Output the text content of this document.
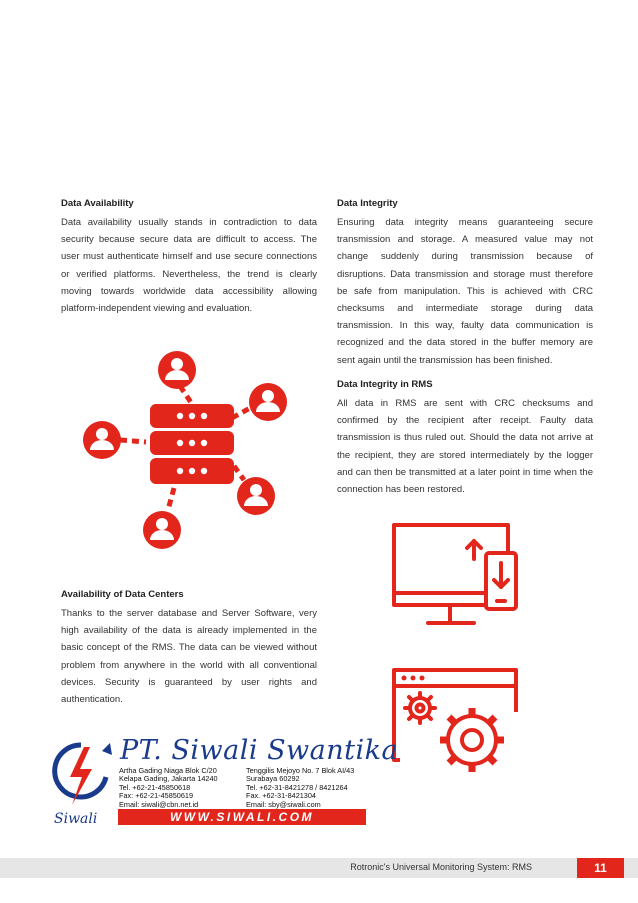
Data Availability

Data availability usually stands in contradiction to data security because secure data are difficult to access. The user must authenticate himself and use secure connections or verified platforms. Nevertheless, the trend is clearly moving towards worldwide data accessibility allowing platform-independent viewing and evaluation.

Data Integrity

Ensuring data integrity means guaranteeing secure transmission and storage. A measured value may not change suddenly during transmission because of disruptions. Data transmission and storage must therefore be safe from manipulation. This is achieved with CRC checksums and intermediate storage during data transmission. In this way, faulty data communication is recognized and the data stored in the buffer memory are sent again until the transmission has been finished.

Data Integrity in RMS

All data in RMS are sent with CRC checksums and confirmed by the recipient after receipt. Faulty data transmission is thus ruled out. Should the data not arrive at the recipient, they are stored intermediately by the logger and can then be transmitted at a later point in time when the connection has been restored.

Availability of Data Centers

Thanks to the server database and Server Software, very high availability of the data is already implemented in the basic concept of the RMS. The data can be viewed without problem from anywhere in the world with all conventional devices. Security is guaranteed by user rights and authentication.

Siwali
PT. Siwali Swantika
Artha Gading Niaga Blok C/20
Kelapa Gading, Jakarta 14240
Tel. +62-21-45850618
Fax: +62-21-45850619
Email: siwali@cbn.net.id
Tenggilis Mejoyo No. 7 Blok AI/43
Surabaya 60292
Tel. +62-31-8421278 / 8421264
Fax. +62-31-8421304
Email: sby@siwali.com
WWW.SIWALI.COM
Rotronic's Universal Monitoring System: RMS	11
